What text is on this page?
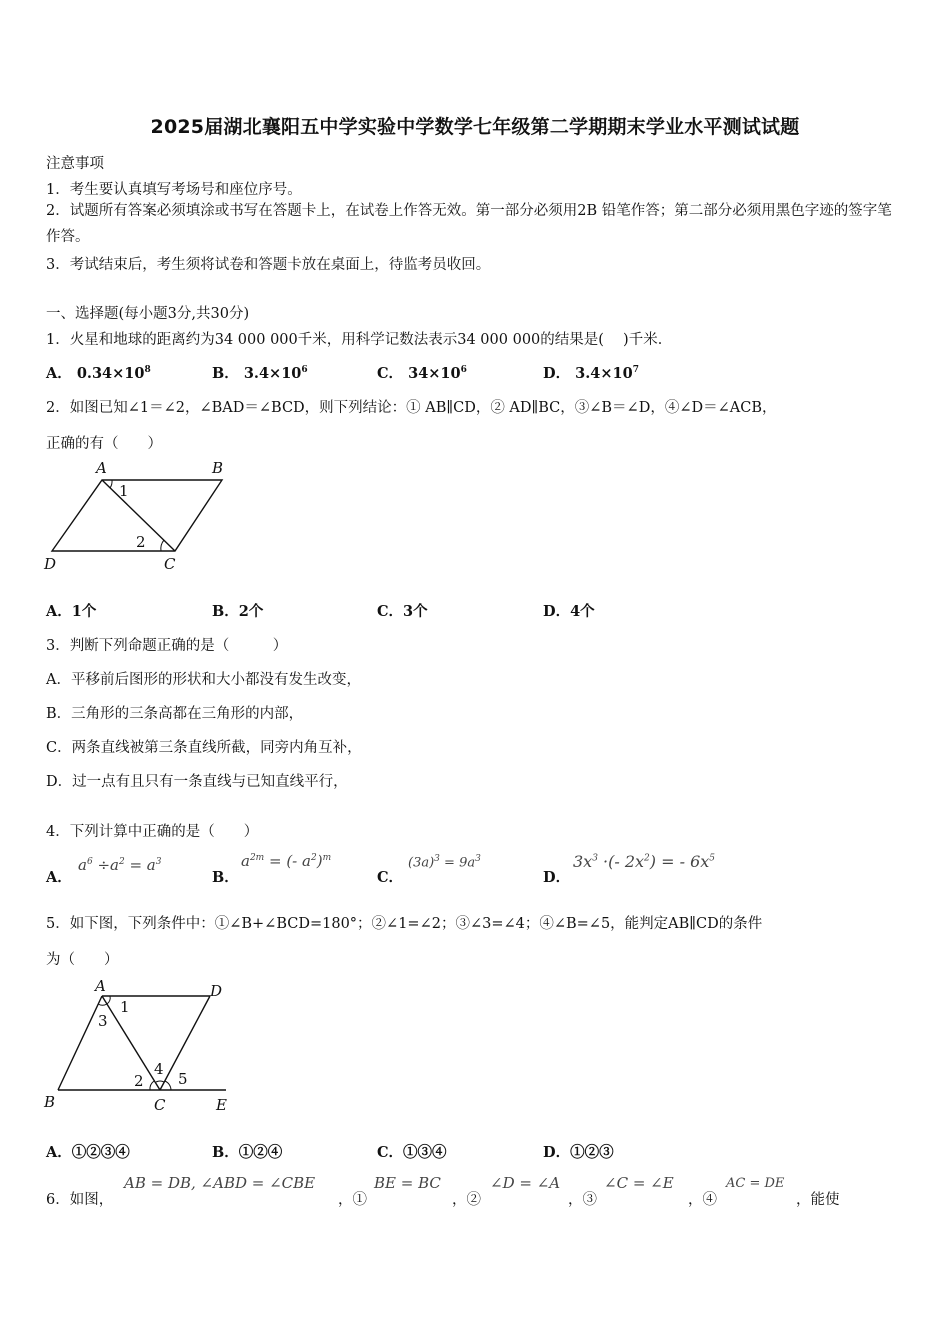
2025届湖北襄阳五中学实验中学数学七年级第二学期期末学业水平测试试题
注意事项
1．考生要认真填写考场号和座位序号。
2．试题所有答案必须填涂或书写在答题卡上，在试卷上作答无效。第一部分必须用2B 铅笔作答；第二部分必须用黑色字迹的签字笔作答。
3．考试结束后，考生须将试卷和答题卡放在桌面上，待监考员收回。
一、选择题(每小题3分,共30分)
1．火星和地球的距离约为34 000 000千米，用科学记数法表示34 000 000的结果是(　 )千米．
A． $0.34\times 10^8$	B． $3.4\times 10^6$	C． $34\times 10^6$	D． $3.4\times 10^7$
2．如图已知∠1＝∠2，∠BAD＝∠BCD，则下列结论：① AB∥CD，② AD∥BC，③∠B＝∠D，④∠D＝∠ACB，
正确的有（　　）
A	B
C
D
1
2
A．1个	B．2个	C．3个	D．4个
3．判断下列命题正确的是（　　　）
A．平移前后图形的形状和大小都没有发生改变，
B．三角形的三条高都在三角形的内部，
C．两条直线被第三条直线所截，同旁内角互补，
D．过一点有且只有一条直线与已知直线平行，
4．下列计算中正确的是（　　）
A．
$a^6 \div a^2 = a^3$
B．
$a^{2m}$ = (- $a^2)^m$
C．
$(3a)^3 = 9a^3$
D．
$3x^3$ ·(- $2x^2$) = - $6x^5$
5．如下图，下列条件中：①∠B+∠BCD=180°；②∠1=∠2；③∠3=∠4；④∠B=∠5，能判定AB∥CD的条件
为（　　）
A	D
B	C	E
1
3
2
4
5
A．①②③④	B．①②④	C．①③④	D．①②③
6．如图，
AB = DB, ∠ABD = ∠CBE
，①
BE = BC
，②
∠D = ∠A
，③
∠C = ∠E
，④
AC = DE
，能使
